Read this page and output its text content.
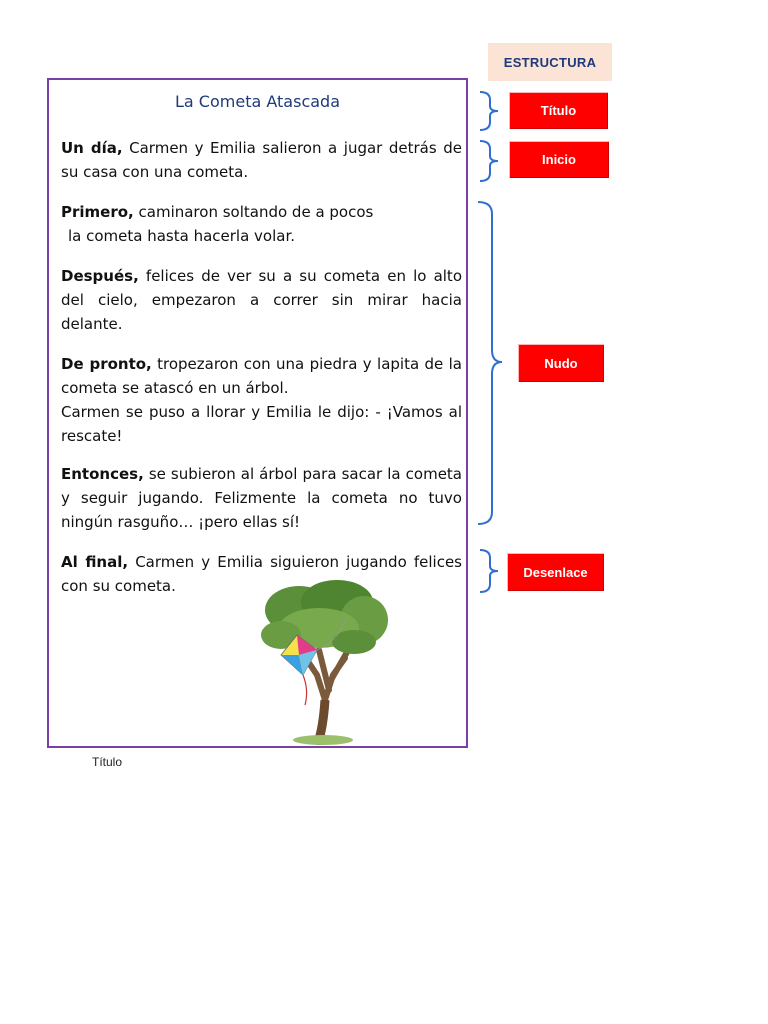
La Cometa Atascada

Un día, Carmen y Emilia salieron a jugar detrás de su casa con una cometa.

Primero, caminaron soltando de a pocos
la cometa hasta hacerla volar.

Después, felices de ver su a su cometa en lo alto del cielo, empezaron a correr sin mirar hacia delante.

De pronto, tropezaron con una piedra y lapita de la cometa se atascó en un árbol.
Carmen se puso a llorar y Emilia le dijo: - ¡Vamos al rescate!

Entonces, se subieron al árbol para sacar la cometa y seguir jugando. Felizmente la cometa no tuvo ningún rasguño… ¡pero ellas sí!

Al final, Carmen y Emilia siguieron jugando felices con su cometa.

Título
ESTRUCTURA
Título
Inicio
Nudo
Desenlace
